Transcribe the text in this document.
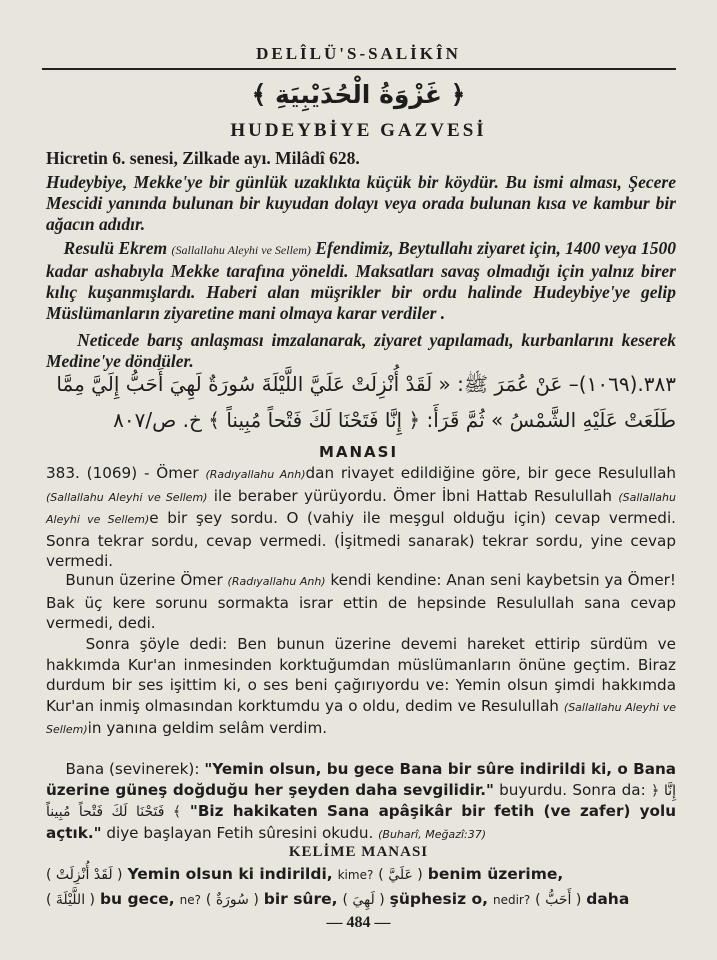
DELÎLÜ'S-SALİKÎN
﴿ غَزْوَةُ الْحُدَيْبِيَةِ ﴾
HUDEYBİYE GAZVESİ
Hicretin 6. senesi, Zilkade ayı. Milâdî 628.
Hudeybiye, Mekke'ye bir günlük uzaklıkta küçük bir köydür. Bu ismi alması, Şecere Mescidi yanında bulunan bir kuyudan dolayı veya orada bulunan kısa ve kambur bir ağacın adıdır.
Resulü Ekrem (Sallallahu Aleyhi ve Sellem) Efendimiz, Beytullahı ziyaret için, 1400 veya 1500 kadar ashabıyla Mekke tarafına yöneldi. Maksatları savaş olmadığı için yalnız birer kılıç kuşanmışlardı. Haberi alan müşrikler bir ordu halinde Hudeybiye'ye gelip Müslümanların ziyaretine mani olmaya karar verdiler .
Neticede barış anlaşması imzalanarak, ziyaret yapılamadı, kurbanlarını keserek Medine'ye döndüler.
٣٨٣.(١٠٦٩)– عَنْ عُمَرَ ﷺ: « لَقَدْ أُنْزِلَتْ عَلَيَّ اللَّيْلَةَ سُورَةٌ لَهِيَ أَحَبُّ إِلَيَّ مِمَّا
طَلَعَتْ عَلَيْهِ الشَّمْسُ » ثُمَّ قَرَأَ: ﴿ إِنَّا فَتَحْنَا لَكَ فَتْحاً مُبِيناً ﴾ خ. ص/٨٠٧
MANASI
383. (1069) - Ömer (Radıyallahu Anh)dan rivayet edildiğine göre, bir gece Resulullah (Sallallahu Aleyhi ve Sellem) ile beraber yürüyordu. Ömer İbni Hattab Resulullah (Sallallahu Aleyhi ve Sellem)e bir şey sordu. O (vahiy ile meşgul olduğu için) cevap vermedi. Sonra tekrar sordu, cevap vermedi. (İşitmedi sanarak) tekrar sordu, yine cevap vermedi.
Bunun üzerine Ömer (Radıyallahu Anh) kendi kendine: Anan seni kaybetsin ya Ömer! Bak üç kere sorunu sormakta israr ettin de hepsinde Resulullah sana cevap vermedi, dedi.
Sonra şöyle dedi: Ben bunun üzerine devemi hareket ettirip sürdüm ve hakkımda Kur'an inmesinden korktuğumdan müslümanların önüne geçtim. Biraz durdum bir ses işittim ki, o ses beni çağırıyordu ve: Yemin olsun şimdi hakkımda Kur'an inmiş olmasından korktumdu ya o oldu, dedim ve Resulullah (Sallallahu Aleyhi ve Sellem)in yanına geldim selâm verdim.
Bana (sevinerek): "Yemin olsun, bu gece Bana bir sûre indirildi ki, o Bana üzerine güneş doğduğu her şeyden daha sevgilidir." buyurdu. Sonra da: ﴿ إِنَّا فَتَحْنَا لَكَ فَتْحاً مُبِيناً ﴾ "Biz hakikaten Sana apâşikâr bir fetih (ve zafer) yolu açtık." diye başlayan Fetih sûresini okudu. (Buharî, Meğazî:37)
KELİME MANASI
( لَقَدْ أُنْزِلَتْ ) Yemin olsun ki indirildi, kime? ( عَلَيَّ ) benim üzerime,
( اللَّيْلَةَ ) bu gece, ne? ( سُورَةٌ ) bir sûre, ( لَهِيَ ) şüphesiz o, nedir? ( أَحَبُّ ) daha
— 484 —
